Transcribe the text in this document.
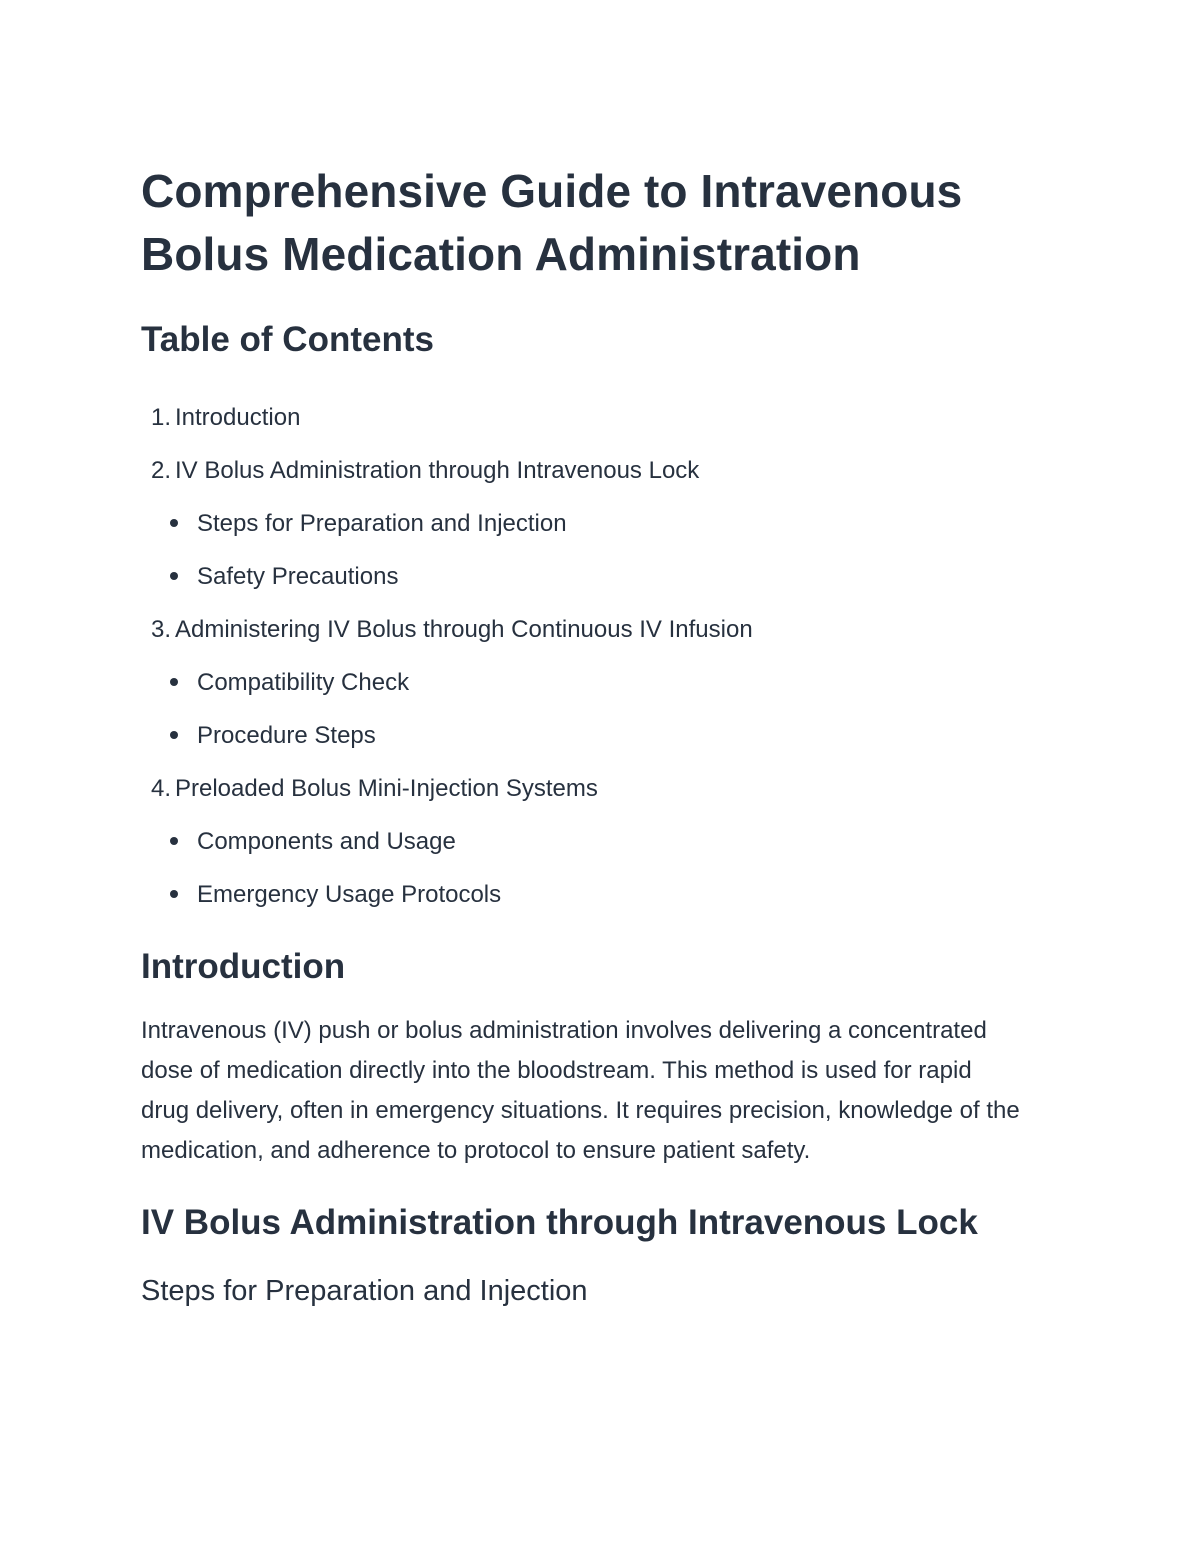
Comprehensive Guide to Intravenous Bolus Medication Administration
Table of Contents
1. Introduction
2. IV Bolus Administration through Intravenous Lock
Steps for Preparation and Injection
Safety Precautions
3. Administering IV Bolus through Continuous IV Infusion
Compatibility Check
Procedure Steps
4. Preloaded Bolus Mini-Injection Systems
Components and Usage
Emergency Usage Protocols
Introduction

Intravenous (IV) push or bolus administration involves delivering a concentrated dose of medication directly into the bloodstream. This method is used for rapid drug delivery, often in emergency situations. It requires precision, knowledge of the medication, and adherence to protocol to ensure patient safety.

IV Bolus Administration through Intravenous Lock
Steps for Preparation and Injection
